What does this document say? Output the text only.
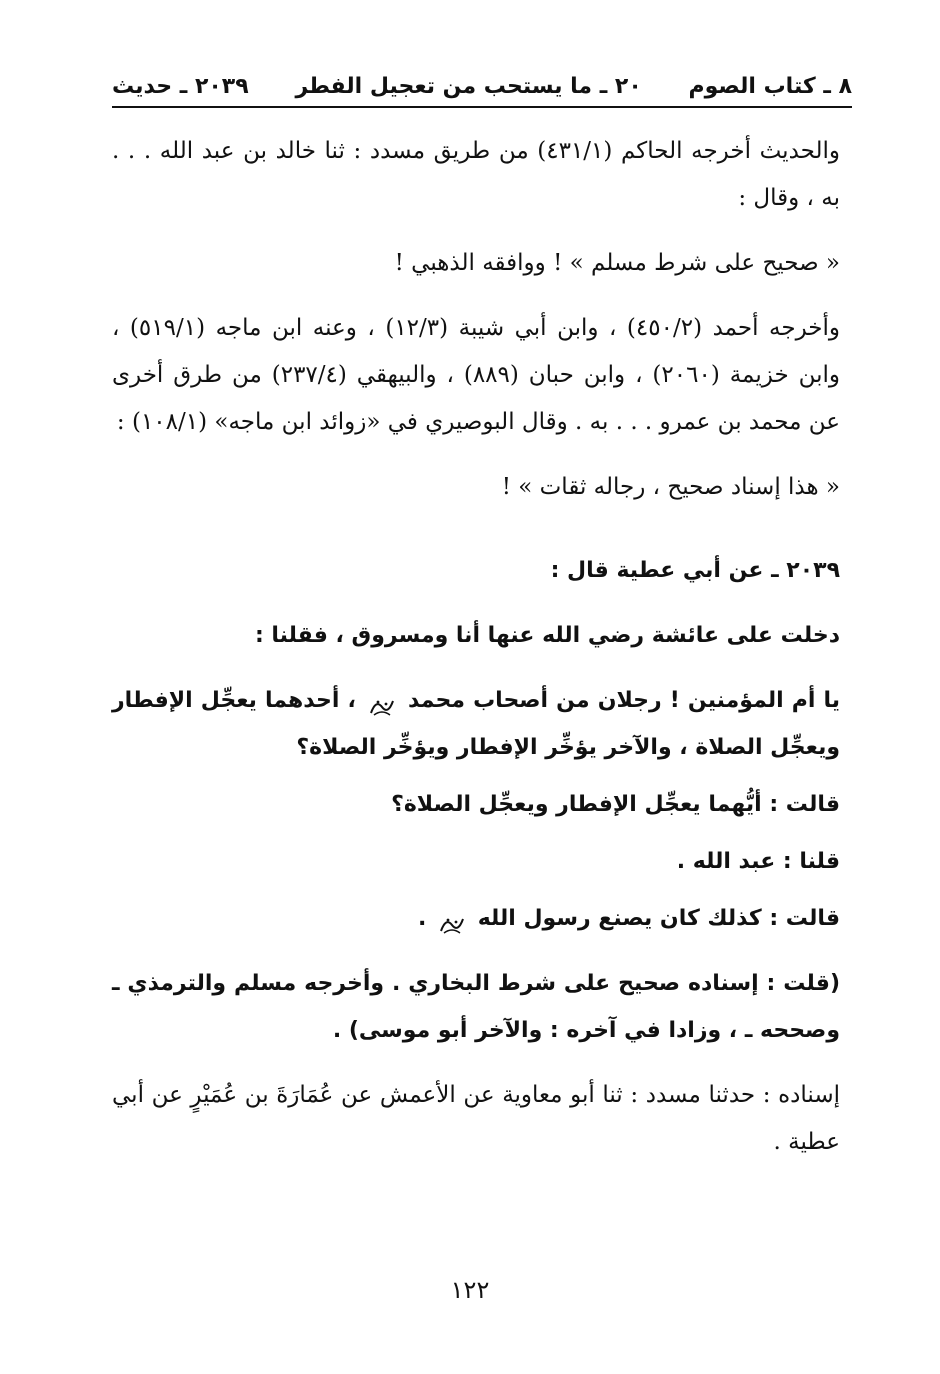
٨ ـ كتاب الصوم
٢٠ ـ ما يستحب من تعجيل الفطر
٢٠٣٩ ـ حديث

والحديث أخرجه الحاكم (٤٣١/١) من طريق مسدد : ثنا خالد بن عبد الله . . . به ، وقال :

« صحيح على شرط مسلم » ! ووافقه الذهبي !

وأخرجه أحمد (٤٥٠/٢) ، وابن أبي شيبة (١٢/٣) ، وعنه ابن ماجه (٥١٩/١) ، وابن خزيمة (٢٠٦٠) ، وابن حبان (٨٨٩) ، والبيهقي (٢٣٧/٤) من طرق أخرى عن محمد بن عمرو . . . به . وقال البوصيري في «زوائد ابن ماجه» (١٠٨/١) :

« هذا إسناد صحيح ، رجاله ثقات » !

٢٠٣٩ ـ عن أبي عطية قال :

دخلت على عائشة رضي الله عنها أنا ومسروق ، فقلنا :

يا أم المؤمنين ! رجلان من أصحاب محمد  ، أحدهما يعجِّل الإفطار ويعجِّل الصلاة ، والآخر يؤخِّر الإفطار ويؤخِّر الصلاة؟

قالت : أيُّهما يعجِّل الإفطار ويعجِّل الصلاة؟

قلنا : عبد الله .

قالت : كذلك كان يصنع رسول الله  .

(قلت : إسناده صحيح على شرط البخاري . وأخرجه مسلم والترمذي ـ وصححه ـ ، وزادا في آخره : والآخر أبو موسى) .

إسناده : حدثنا مسدد : ثنا أبو معاوية عن الأعمش عن عُمَارَةَ بن عُمَيْرٍ عن أبي عطية .

١٢٢
